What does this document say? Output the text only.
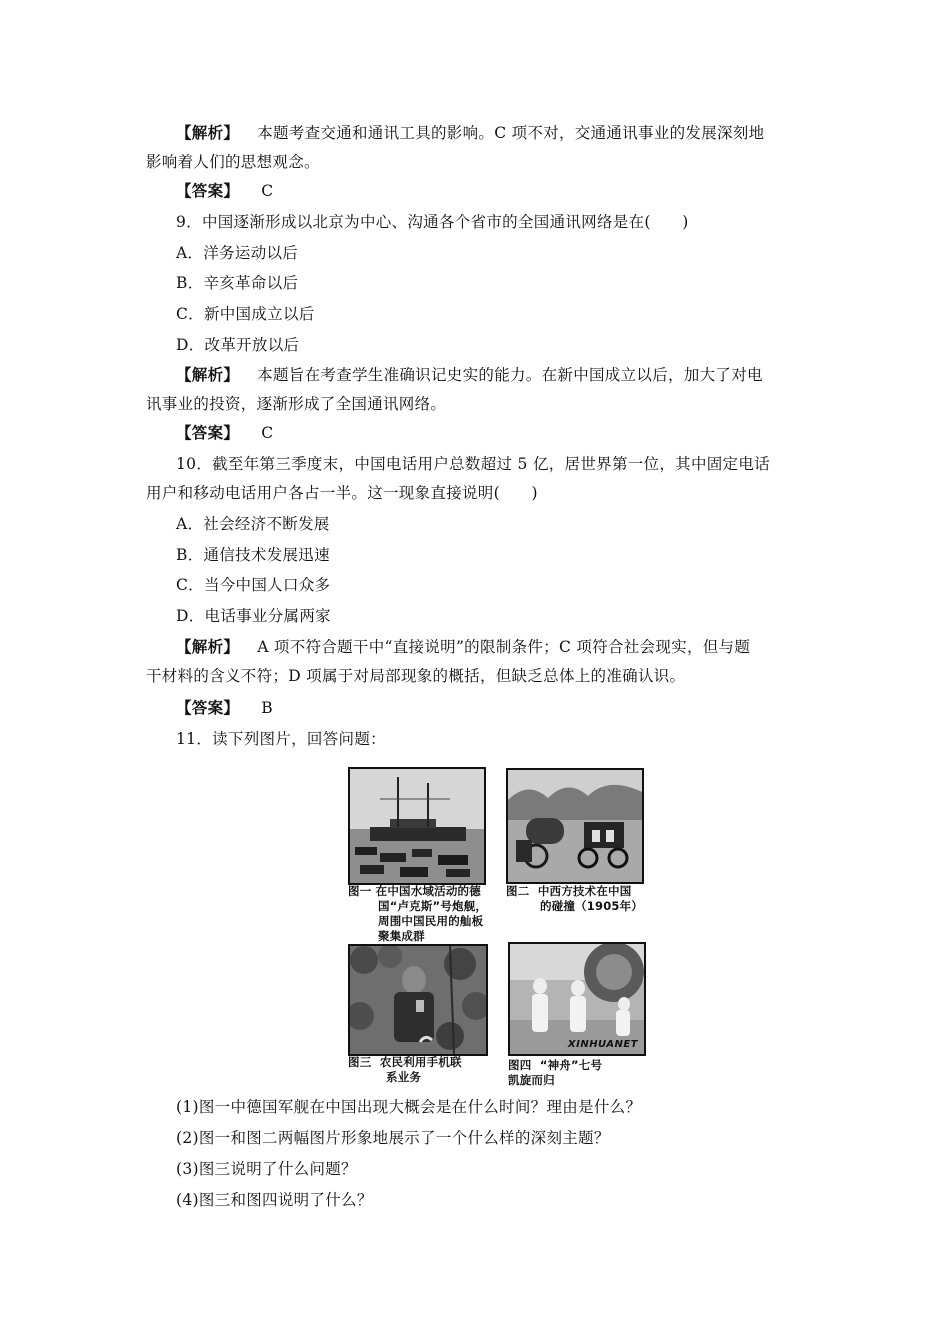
【解析】 本题考查交通和通讯工具的影响。C 项不对，交通通讯事业的发展深刻地
影响着人们的思想观念。
【答案】 C
9．中国逐渐形成以北京为中心、沟通各个省市的全国通讯网络是在(　　)
A．洋务运动以后
B．辛亥革命以后
C．新中国成立以后
D．改革开放以后
【解析】 本题旨在考查学生准确识记史实的能力。在新中国成立以后，加大了对电
讯事业的投资，逐渐形成了全国通讯网络。
【答案】 C
10．截至年第三季度末，中国电话用户总数超过 5 亿，居世界第一位，其中固定电话
用户和移动电话用户各占一半。这一现象直接说明(　　)
A．社会经济不断发展
B．通信技术发展迅速
C．当今中国人口众多
D．电话事业分属两家
【解析】 A 项不符合题干中“直接说明”的限制条件；C 项符合社会现实，但与题
干材料的含义不符；D 项属于对局部现象的概括，但缺乏总体上的准确认识。
【答案】 B
11．读下列图片，回答问题：
图一 在中国水域活动的德
国“卢克斯”号炮舰，
周围中国民用的舢板
聚集成群
图二 中西方技术在中国
的碰撞（1905年）
图三 农民利用手机联
系业务
XINHUANET
图四 “神舟”七号
凯旋而归
(1)图一中德国军舰在中国出现大概会是在什么时间？理由是什么？
(2)图一和图二两幅图片形象地展示了一个什么样的深刻主题？
(3)图三说明了什么问题？
(4)图三和图四说明了什么？
